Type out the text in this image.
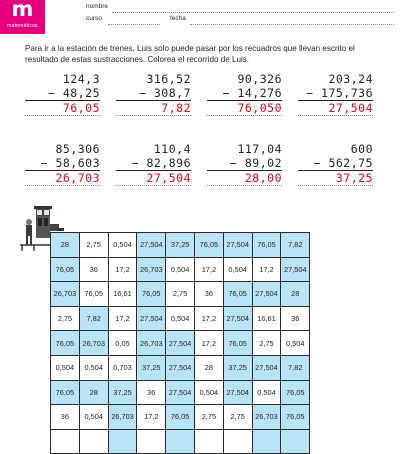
m
matemáticas
nombre
curso	fecha
Para ir a la estación de trenes, Luis solo puede pasar por los recuadros que llevan escrito el resultado de estas sustracciones. Colorea el recorrido de Luis.
124,3
− 48,25
76,05
316,52
− 308,7
7,82
90,326
− 14,276
76,050
203,24
− 175,736
27,504
85,306
− 58,603
26,703
110,4
− 82,896
27,504
117,04
− 89,02
28,00
600
− 562,75
37,25
28	2,75	0,504	27,504	37,25	76,05	27,504	76,05	7,82
76,05	36	17,2	26,703	0,504	17,2	0,504	17,2	27,504
26,703	76,05	16,61	76,05	2,75	36	76,05	27,504	28
2,75	7,82	17,2	27,504	0,504	17,2	27,504	16,61	36
76,05	26,703	0,05	26,703	27,504	17,2	76,05	2,75	0,504
0,504	0,504	0,703	37,25	27,504	28	37,25	27,504	7,82
76,05	28	37,25	36	27,504	0,504	27,504	0,504	76,05
36	0,504	26,703	17,2	76,05	2,75	2,75	26,703	76,05
